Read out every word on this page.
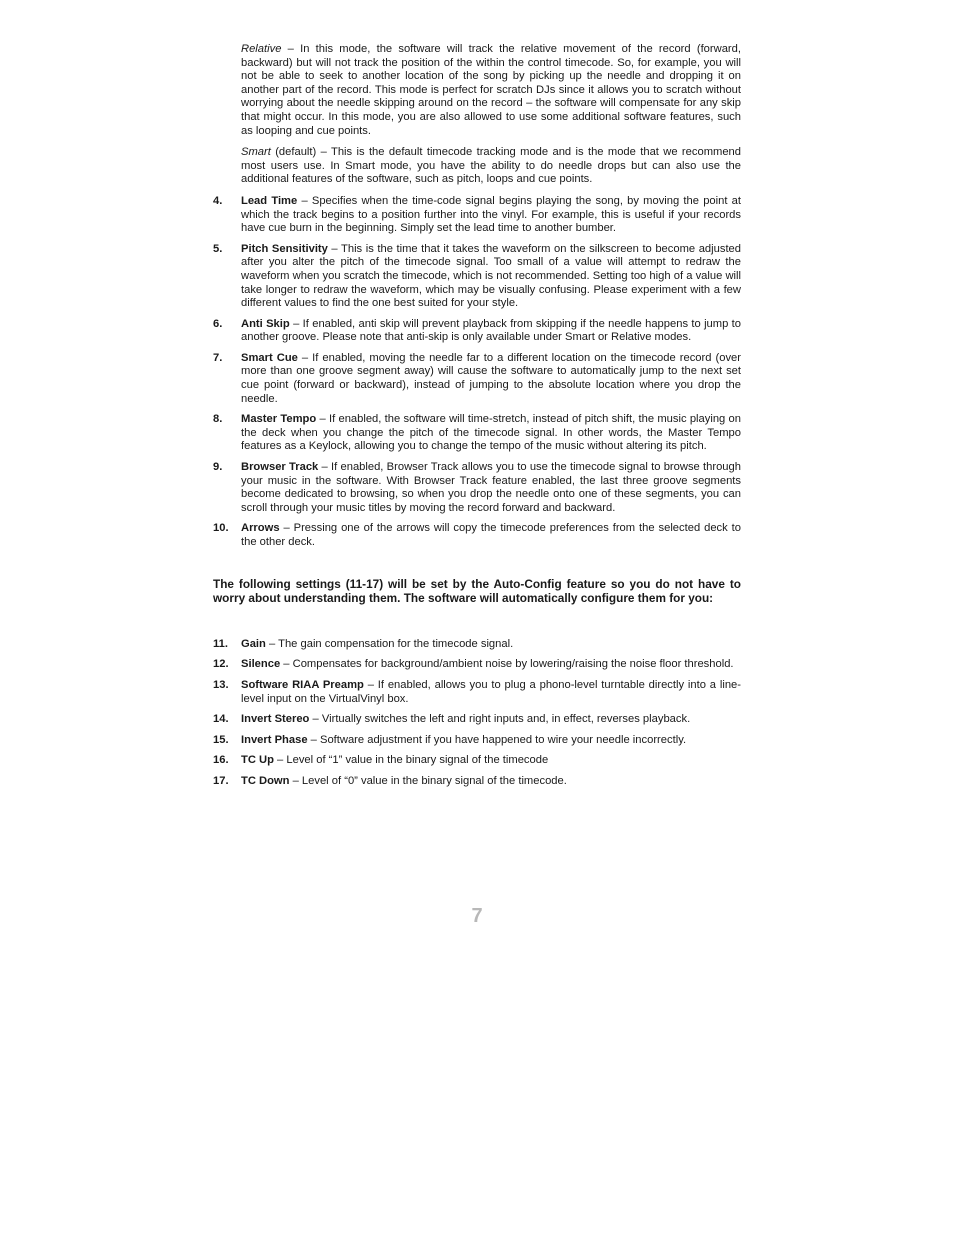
Relative – In this mode, the software will track the relative movement of the record (forward, backward) but will not track the position of the within the control timecode. So, for example, you will not be able to seek to another location of the song by picking up the needle and dropping it on another part of the record. This mode is perfect for scratch DJs since it allows you to scratch without worrying about the needle skipping around on the record – the software will compensate for any skip that might occur. In this mode, you are also allowed to use some additional software features, such as looping and cue points.

Smart (default) – This is the default timecode tracking mode and is the mode that we recommend most users use. In Smart mode, you have the ability to do needle drops but can also use the additional features of the software, such as pitch, loops and cue points.

4.	Lead Time – Specifies when the time-code signal begins playing the song, by moving the point at which the track begins to a position further into the vinyl. For example, this is useful if your records have cue burn in the beginning. Simply set the lead time to another bumber.
5.	Pitch Sensitivity – This is the time that it takes the waveform on the silkscreen to become adjusted after you alter the pitch of the timecode signal. Too small of a value will attempt to redraw the waveform when you scratch the timecode, which is not recommended. Setting too high of a value will take longer to redraw the waveform, which may be visually confusing. Please experiment with a few different values to find the one best suited for your style.
6.	Anti Skip – If enabled, anti skip will prevent playback from skipping if the needle happens to jump to another groove. Please note that anti-skip is only available under Smart or Relative modes.
7.	Smart Cue – If enabled, moving the needle far to a different location on the timecode record (over more than one groove segment away) will cause the software to automatically jump to the next set cue point (forward or backward), instead of jumping to the absolute location where you drop the needle.
8.	Master Tempo – If enabled, the software will time-stretch, instead of pitch shift, the music playing on the deck when you change the pitch of the timecode signal. In other words, the Master Tempo features as a Keylock, allowing you to change the tempo of the music without altering its pitch.
9.	Browser Track – If enabled, Browser Track allows you to use the timecode signal to browse through your music in the software. With Browser Track feature enabled, the last three groove segments become dedicated to browsing, so when you drop the needle onto one of these segments, you can scroll through your music titles by moving the record forward and backward.
10.	Arrows – Pressing one of the arrows will copy the timecode preferences from the selected deck to the other deck.

The following settings (11-17) will be set by the Auto-Config feature so you do not have to worry about understanding them. The software will automatically configure them for you:

11.	Gain – The gain compensation for the timecode signal.
12.	Silence – Compensates for background/ambient noise by lowering/raising the noise floor threshold.
13.	Software RIAA Preamp – If enabled, allows you to plug a phono-level turntable directly into a line-level input on the VirtualVinyl box.
14.	Invert Stereo – Virtually switches the left and right inputs and, in effect, reverses playback.
15.	Invert Phase – Software adjustment if you have happened to wire your needle incorrectly.
16.	TC Up – Level of “1” value in the binary signal of the timecode
17.	TC Down – Level of “0” value in the binary signal of the timecode.
7
